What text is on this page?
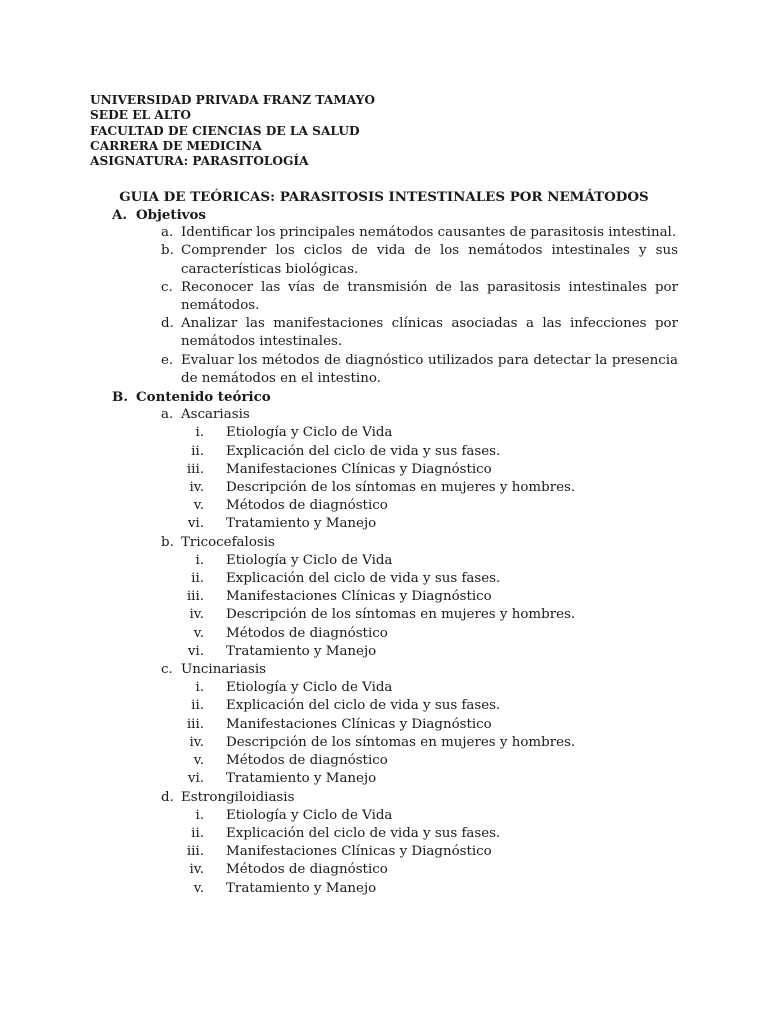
UNIVERSIDAD PRIVADA FRANZ TAMAYO
SEDE EL ALTO
FACULTAD DE CIENCIAS DE LA SALUD
CARRERA DE MEDICINA
ASIGNATURA: PARASITOLOGÍA
GUIA DE TEÓRICAS: PARASITOSIS INTESTINALES POR NEMÁTODOS
A. Objetivos
a. Identificar los principales nemátodos causantes de parasitosis intestinal.
b. Comprender los ciclos de vida de los nemátodos intestinales y sus características biológicas.
c. Reconocer las vías de transmisión de las parasitosis intestinales por nemátodos.
d. Analizar las manifestaciones clínicas asociadas a las infecciones por nemátodos intestinales.
e. Evaluar los métodos de diagnóstico utilizados para detectar la presencia de nemátodos en el intestino.
B. Contenido teórico
a. Ascariasis
i.	Etiología y Ciclo de Vida
ii.	Explicación del ciclo de vida y sus fases.
iii.	Manifestaciones Clínicas y Diagnóstico
iv.	Descripción de los síntomas en mujeres y hombres.
v.	Métodos de diagnóstico
vi.	Tratamiento y Manejo
b. Tricocefalosis
i.	Etiología y Ciclo de Vida
ii.	Explicación del ciclo de vida y sus fases.
iii.	Manifestaciones Clínicas y Diagnóstico
iv.	Descripción de los síntomas en mujeres y hombres.
v.	Métodos de diagnóstico
vi.	Tratamiento y Manejo
c. Uncinariasis
i.	Etiología y Ciclo de Vida
ii.	Explicación del ciclo de vida y sus fases.
iii.	Manifestaciones Clínicas y Diagnóstico
iv.	Descripción de los síntomas en mujeres y hombres.
v.	Métodos de diagnóstico
vi.	Tratamiento y Manejo
d. Estrongiloidiasis
i.	Etiología y Ciclo de Vida
ii.	Explicación del ciclo de vida y sus fases.
iii.	Manifestaciones Clínicas y Diagnóstico
iv.	Métodos de diagnóstico
v.	Tratamiento y Manejo
